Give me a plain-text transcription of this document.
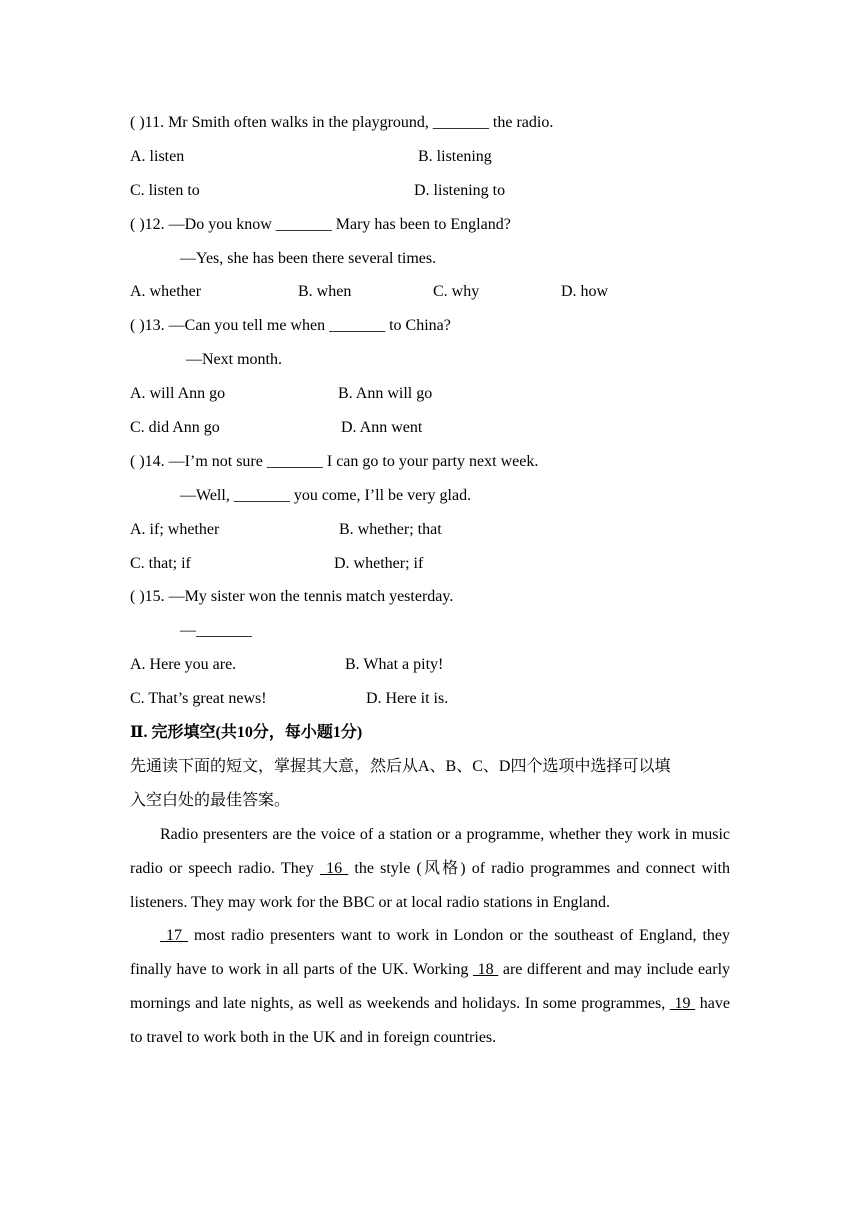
( )11. Mr Smith often walks in the playground, _______ the radio.
A. listen	B. listening
C. listen to	D. listening to
( )12. —Do you know _______ Mary has been to England?
—Yes, she has been there several times.
A. whether	B. when	C. why	D. how
( )13. —Can you tell me when _______ to China?
—Next month.
A. will Ann go	B. Ann will go
C. did Ann go	D. Ann went
( )14. —I’m not sure _______ I can go to your party next week.
—Well, _______ you come, I’ll be very glad.
A. if; whether	B. whether; that
C. that; if	D. whether; if
( )15. —My sister won the tennis match yesterday.
—_______
A. Here you are.	B. What a pity!
C. That’s great news!	D. Here it is.
Ⅱ. 完形填空(共10分，每小题1分)
先通读下面的短文，掌握其大意，然后从A、B、C、D四个选项中选择可以填
入空白处的最佳答案。
Radio presenters are the voice of a station or a programme, whether they work in music radio or speech radio. They  16  the style (风格) of radio programmes and connect with listeners. They may work for the BBC or at local radio stations in England.
17  most radio presenters want to work in London or the southeast of England, they finally have to work in all parts of the UK. Working  18  are different and may include early mornings and late nights, as well as weekends and holidays. In some programmes,  19  have to travel to work both in the UK and in foreign countries.
